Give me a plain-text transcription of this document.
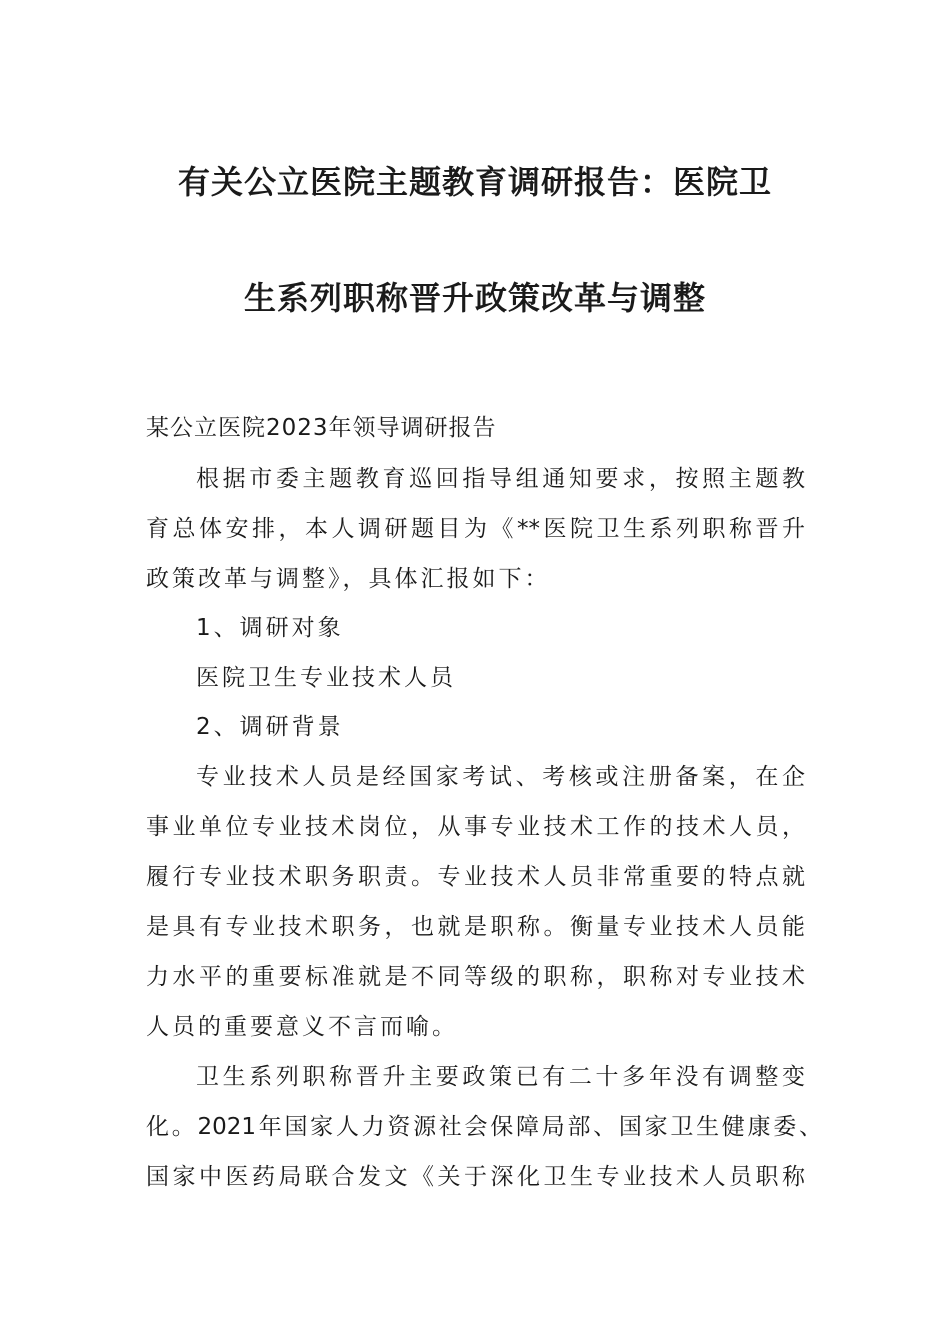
有关公立医院主题教育调研报告：医院卫
生系列职称晋升政策改革与调整
某公立医院2023年领导调研报告
根据市委主题教育巡回指导组通知要求，按照主题教
育总体安排，本人调研题目为《**医院卫生系列职称晋升
政策改革与调整》，具体汇报如下：
1、调研对象
医院卫生专业技术人员
2、调研背景
专业技术人员是经国家考试、考核或注册备案，在企
事业单位专业技术岗位，从事专业技术工作的技术人员，
履行专业技术职务职责。专业技术人员非常重要的特点就
是具有专业技术职务，也就是职称。衡量专业技术人员能
力水平的重要标准就是不同等级的职称，职称对专业技术
人员的重要意义不言而喻。
卫生系列职称晋升主要政策已有二十多年没有调整变
化。2021年国家人力资源社会保障局部、国家卫生健康委、
国家中医药局联合发文《关于深化卫生专业技术人员职称
